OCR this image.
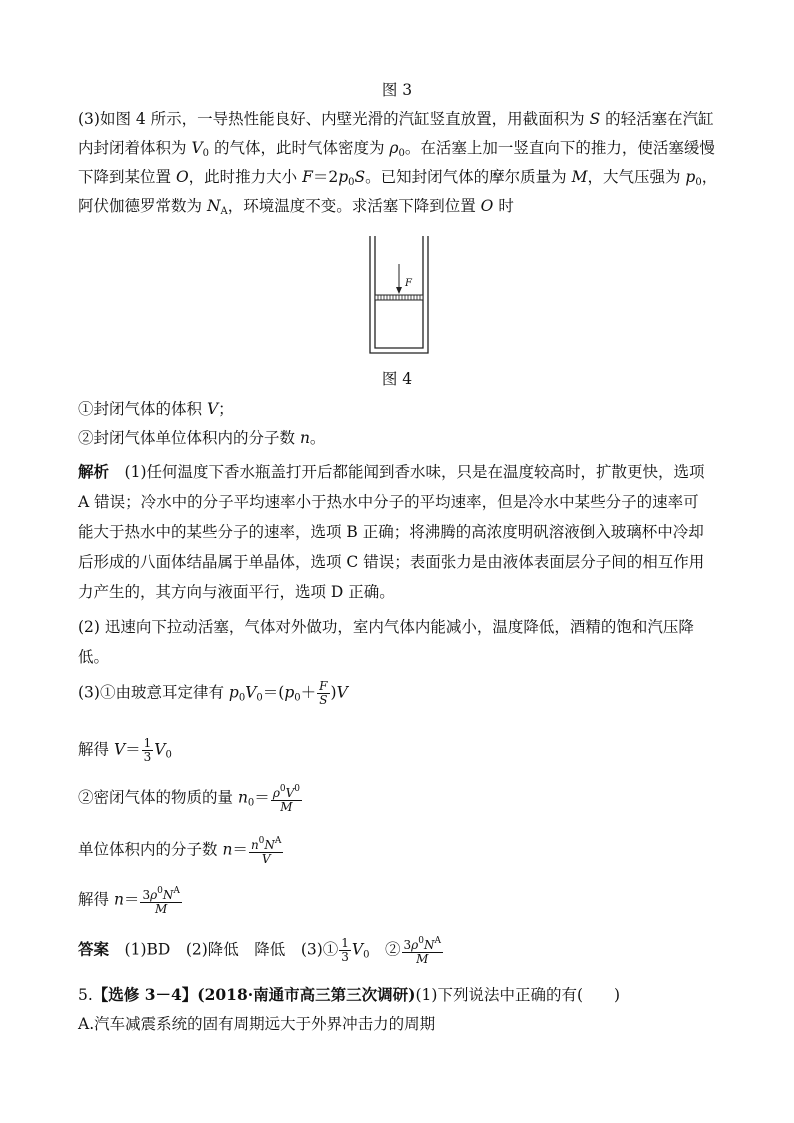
图 3
(3)如图 4 所示，一导热性能良好、内壁光滑的汽缸竖直放置，用截面积为 S 的轻活塞在汽缸
内封闭着体积为 $V_0$ 的气体，此时气体密度为 $\rho_0$。在活塞上加一竖直向下的推力，使活塞缓慢
下降到某位置 O，此时推力大小 $F=2p_0S$。已知封闭气体的摩尔质量为 M，大气压强为 $p_0$，
阿伏伽德罗常数为 $N_A$，环境温度不变。求活塞下降到位置 O 时
F
图 4
①封闭气体的体积 V；
②封闭气体单位体积内的分子数 n。
解析　 (1)任何温度下香水瓶盖打开后都能闻到香水味，只是在温度较高时，扩散更快，选项
A 错误；冷水中的分子平均速率小于热水中分子的平均速率，但是冷水中某些分子的速率可
能大于热水中的某些分子的速率，选项 B 正确；将沸腾的高浓度明矾溶液倒入玻璃杯中冷却
后形成的八面体结晶属于单晶体，选项 C 错误；表面张力是由液体表面层分子间的相互作用
力产生的，其方向与液面平行，选项 D 正确。
(2) 迅速向下拉动活塞，气体对外做功，室内气体内能减小，温度降低，酒精的饱和汽压降
低。
(3)①由玻意耳定律有 $p_0V_0=(p_0+ \frac{F}{S} )V$
解得 $V= \frac{1}{3} V_0$
②密闭气体的物质的量 $n_0= \frac{\rho^0V^0}{M}$
单位体积内的分子数 $n= \frac{n^0N^A}{V}$
解得 $n= \frac{3\rho^0N^A}{M}$
答案　 (1)BD　 (2)降低　降低　 (3)① $\frac{1}{3} V_0$　 ② $\frac{3\rho^0N^A}{M}$
5.【选修 3－4】(2018·南通市高三第三次调研)(1)下列说法中正确的有(　　)
A.汽车减震系统的固有周期远大于外界冲击力的周期
